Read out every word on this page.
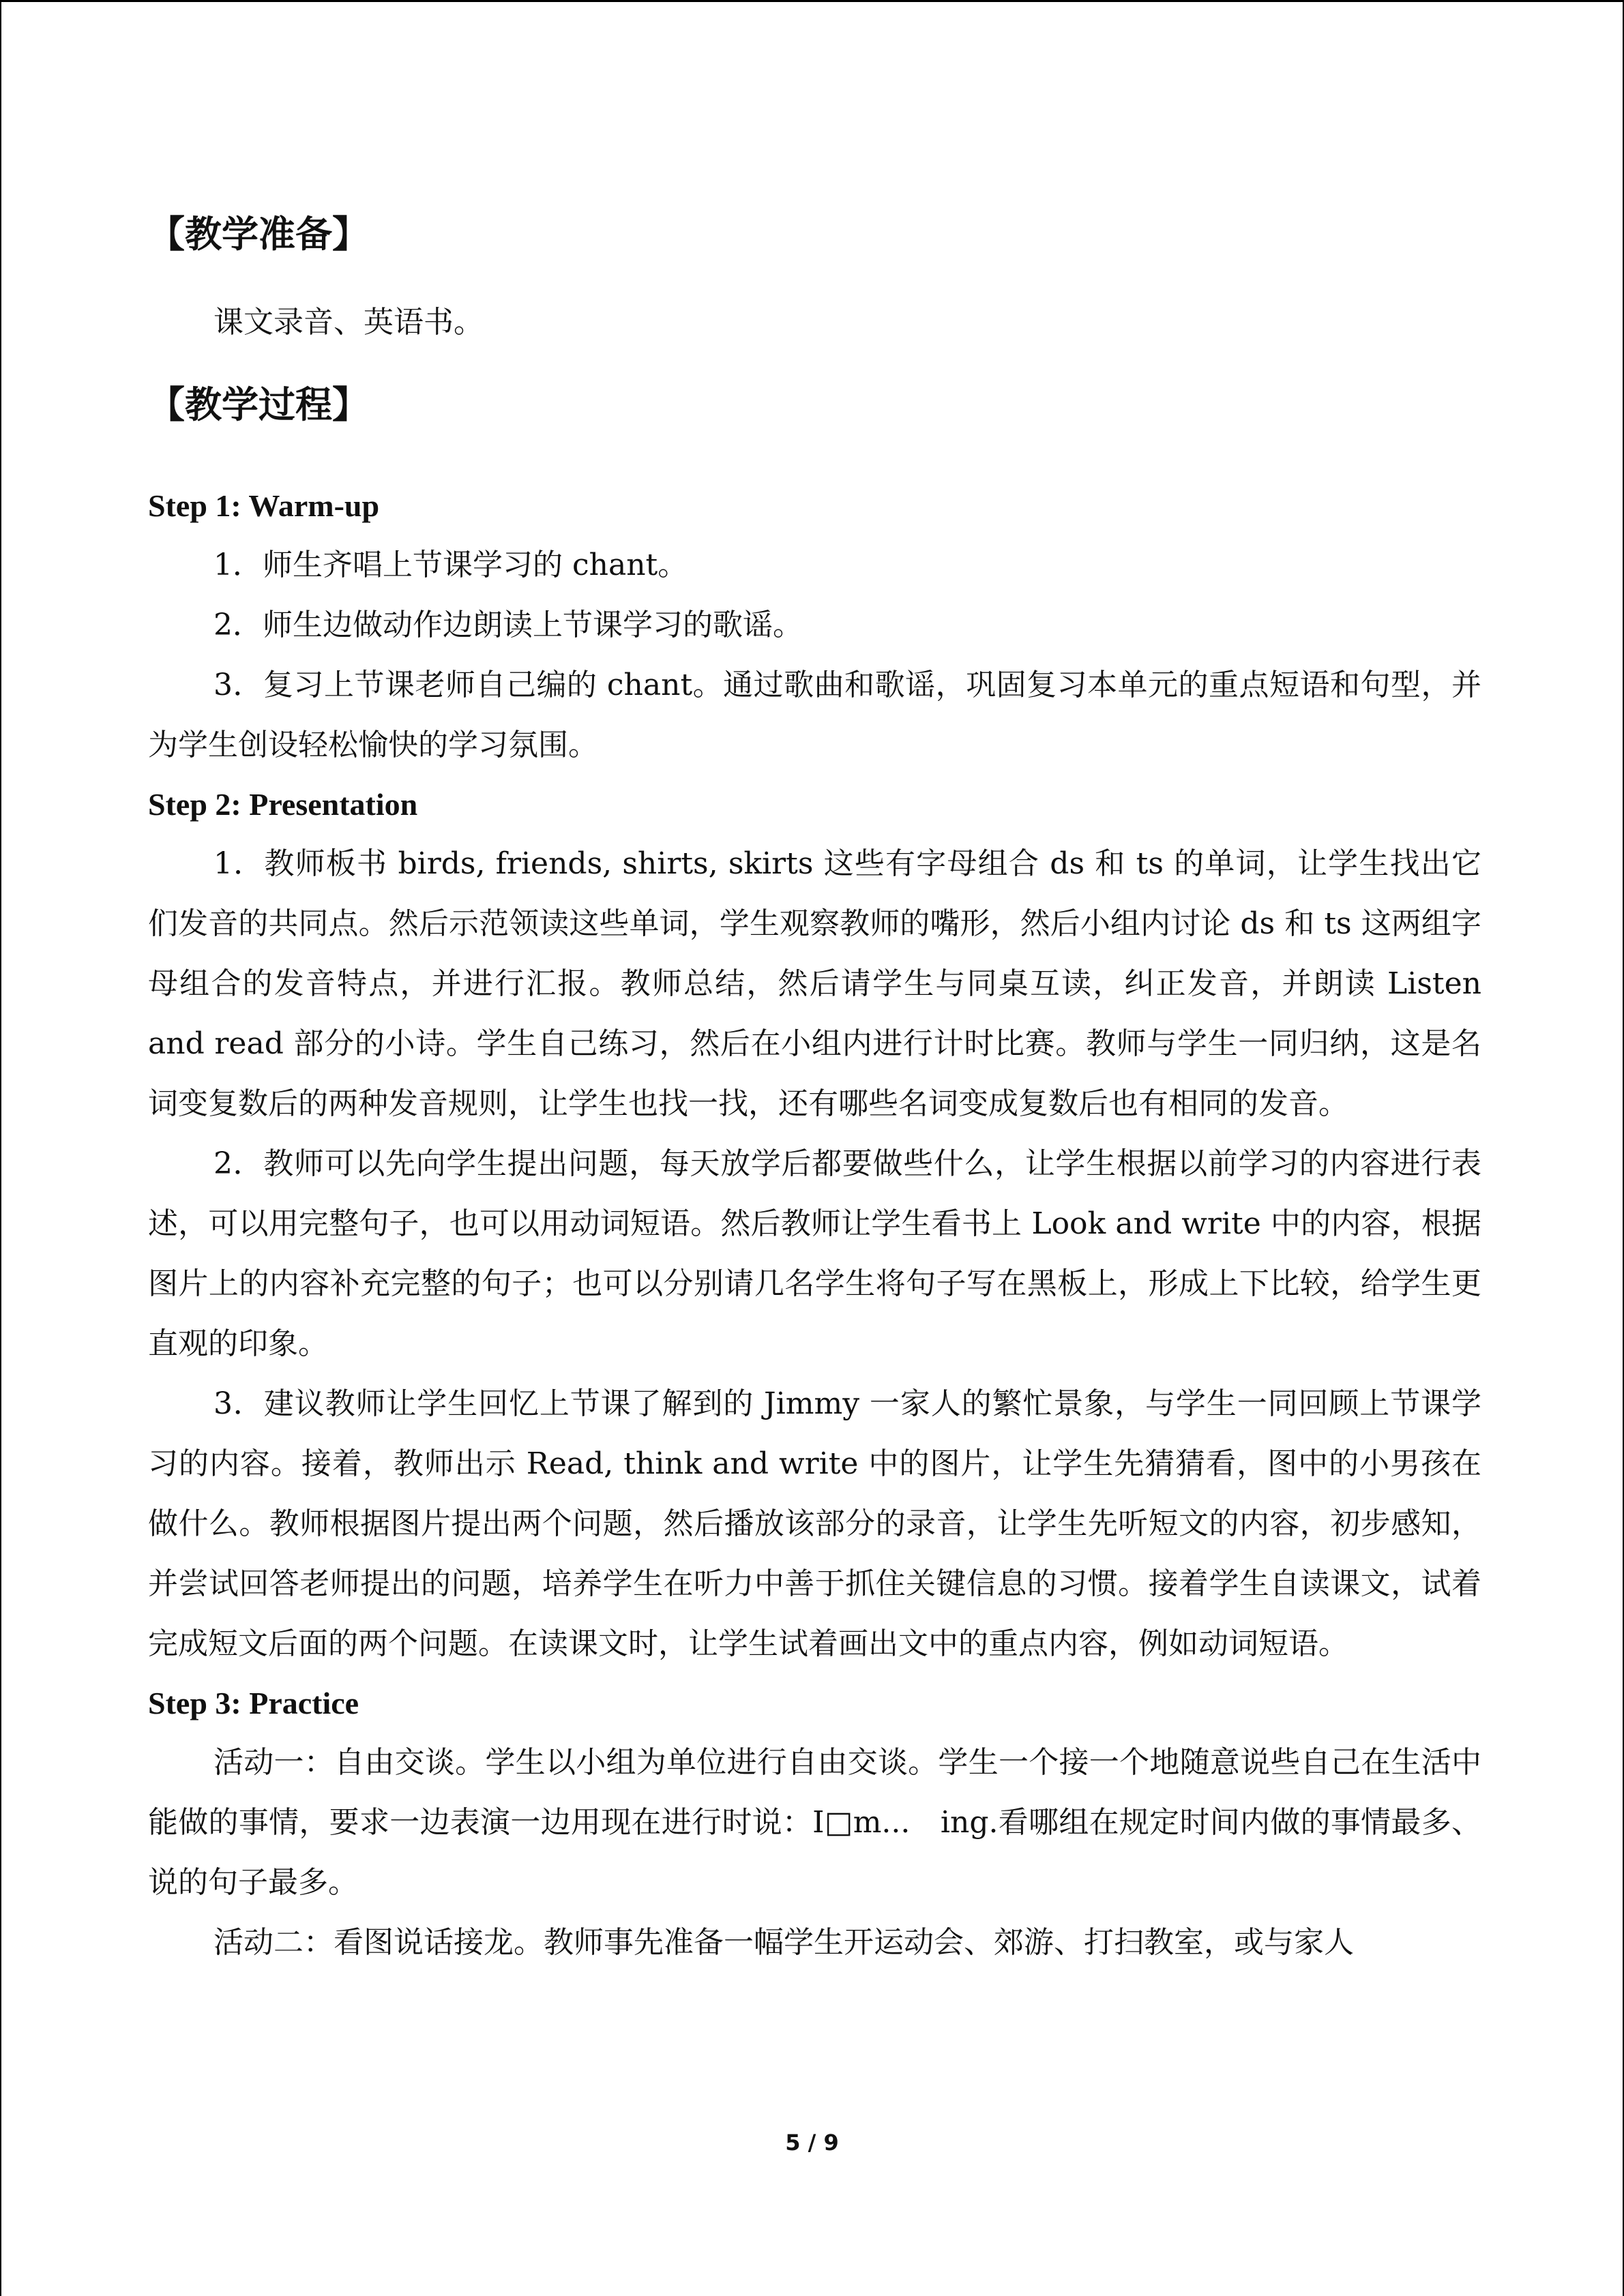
【教学准备】

课文录音、英语书。

【教学过程】

Step 1: Warm-up

1．师生齐唱上节课学习的 chant。

2．师生边做动作边朗读上节课学习的歌谣。

3．复习上节课老师自己编的 chant。通过歌曲和歌谣，巩固复习本单元的重点短语和句型，并为学生创设轻松愉快的学习氛围。

Step 2: Presentation

1．教师板书 birds, friends, shirts, skirts 这些有字母组合 ds 和 ts 的单词，让学生找出它们发音的共同点。然后示范领读这些单词，学生观察教师的嘴形，然后小组内讨论 ds 和 ts 这两组字母组合的发音特点，并进行汇报。教师总结，然后请学生与同桌互读，纠正发音，并朗读 Listen and read 部分的小诗。学生自己练习，然后在小组内进行计时比赛。教师与学生一同归纳，这是名词变复数后的两种发音规则，让学生也找一找，还有哪些名词变成复数后也有相同的发音。

2．教师可以先向学生提出问题，每天放学后都要做些什么，让学生根据以前学习的内容进行表述，可以用完整句子，也可以用动词短语。然后教师让学生看书上 Look and write 中的内容，根据图片上的内容补充完整的句子；也可以分别请几名学生将句子写在黑板上，形成上下比较，给学生更直观的印象。

3．建议教师让学生回忆上节课了解到的 Jimmy 一家人的繁忙景象，与学生一同回顾上节课学习的内容。接着，教师出示 Read, think and write 中的图片，让学生先猜猜看，图中的小男孩在做什么。教师根据图片提出两个问题，然后播放该部分的录音，让学生先听短文的内容，初步感知，并尝试回答老师提出的问题，培养学生在听力中善于抓住关键信息的习惯。接着学生自读课文，试着完成短文后面的两个问题。在读课文时，让学生试着画出文中的重点内容，例如动词短语。

Step 3: Practice

活动一：自由交谈。学生以小组为单位进行自由交谈。学生一个接一个地随意说些自己在生活中能做的事情，要求一边表演一边用现在进行时说：I□m...　ing.看哪组在规定时间内做的事情最多、说的句子最多。

活动二：看图说话接龙。教师事先准备一幅学生开运动会、郊游、打扫教室，或与家人

5 / 9
